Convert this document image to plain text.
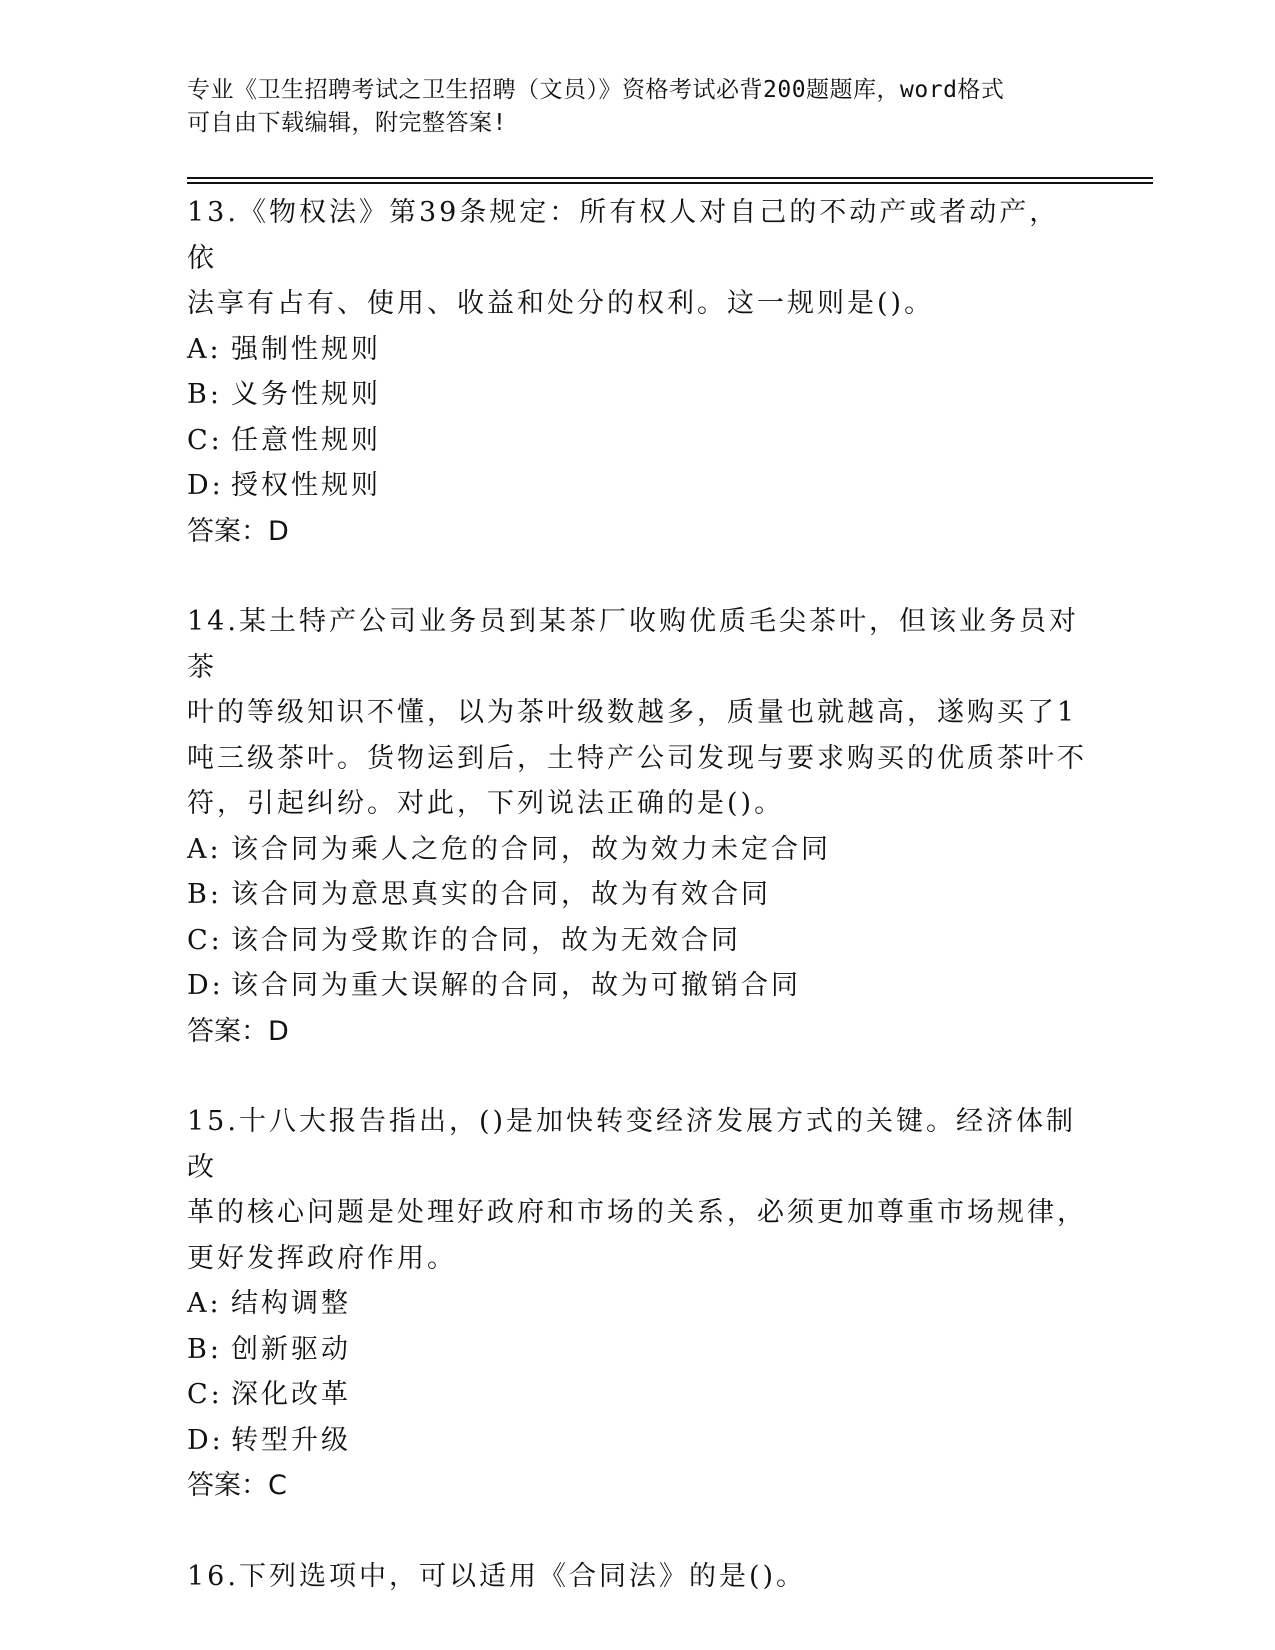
专业《卫生招聘考试之卫生招聘（文员）》资格考试必背200题题库，word格式
可自由下载编辑，附完整答案!

13.《物权法》第39条规定：所有权人对自己的不动产或者动产，依

法享有占有、使用、收益和处分的权利。这一规则是()。

A: 强制性规则

B: 义务性规则

C: 任意性规则

D: 授权性规则

答案：D

14.某土特产公司业务员到某茶厂收购优质毛尖茶叶，但该业务员对茶

叶的等级知识不懂，以为茶叶级数越多，质量也就越高，遂购买了1

吨三级茶叶。货物运到后，土特产公司发现与要求购买的优质茶叶不

符，引起纠纷。对此，下列说法正确的是()。

A: 该合同为乘人之危的合同，故为效力未定合同

B: 该合同为意思真实的合同，故为有效合同

C: 该合同为受欺诈的合同，故为无效合同

D: 该合同为重大误解的合同，故为可撤销合同

答案：D

15.十八大报告指出，()是加快转变经济发展方式的关键。经济体制改

革的核心问题是处理好政府和市场的关系，必须更加尊重市场规律，

更好发挥政府作用。

A: 结构调整

B: 创新驱动

C: 深化改革

D: 转型升级

答案：C

16.下列选项中，可以适用《合同法》的是()。
